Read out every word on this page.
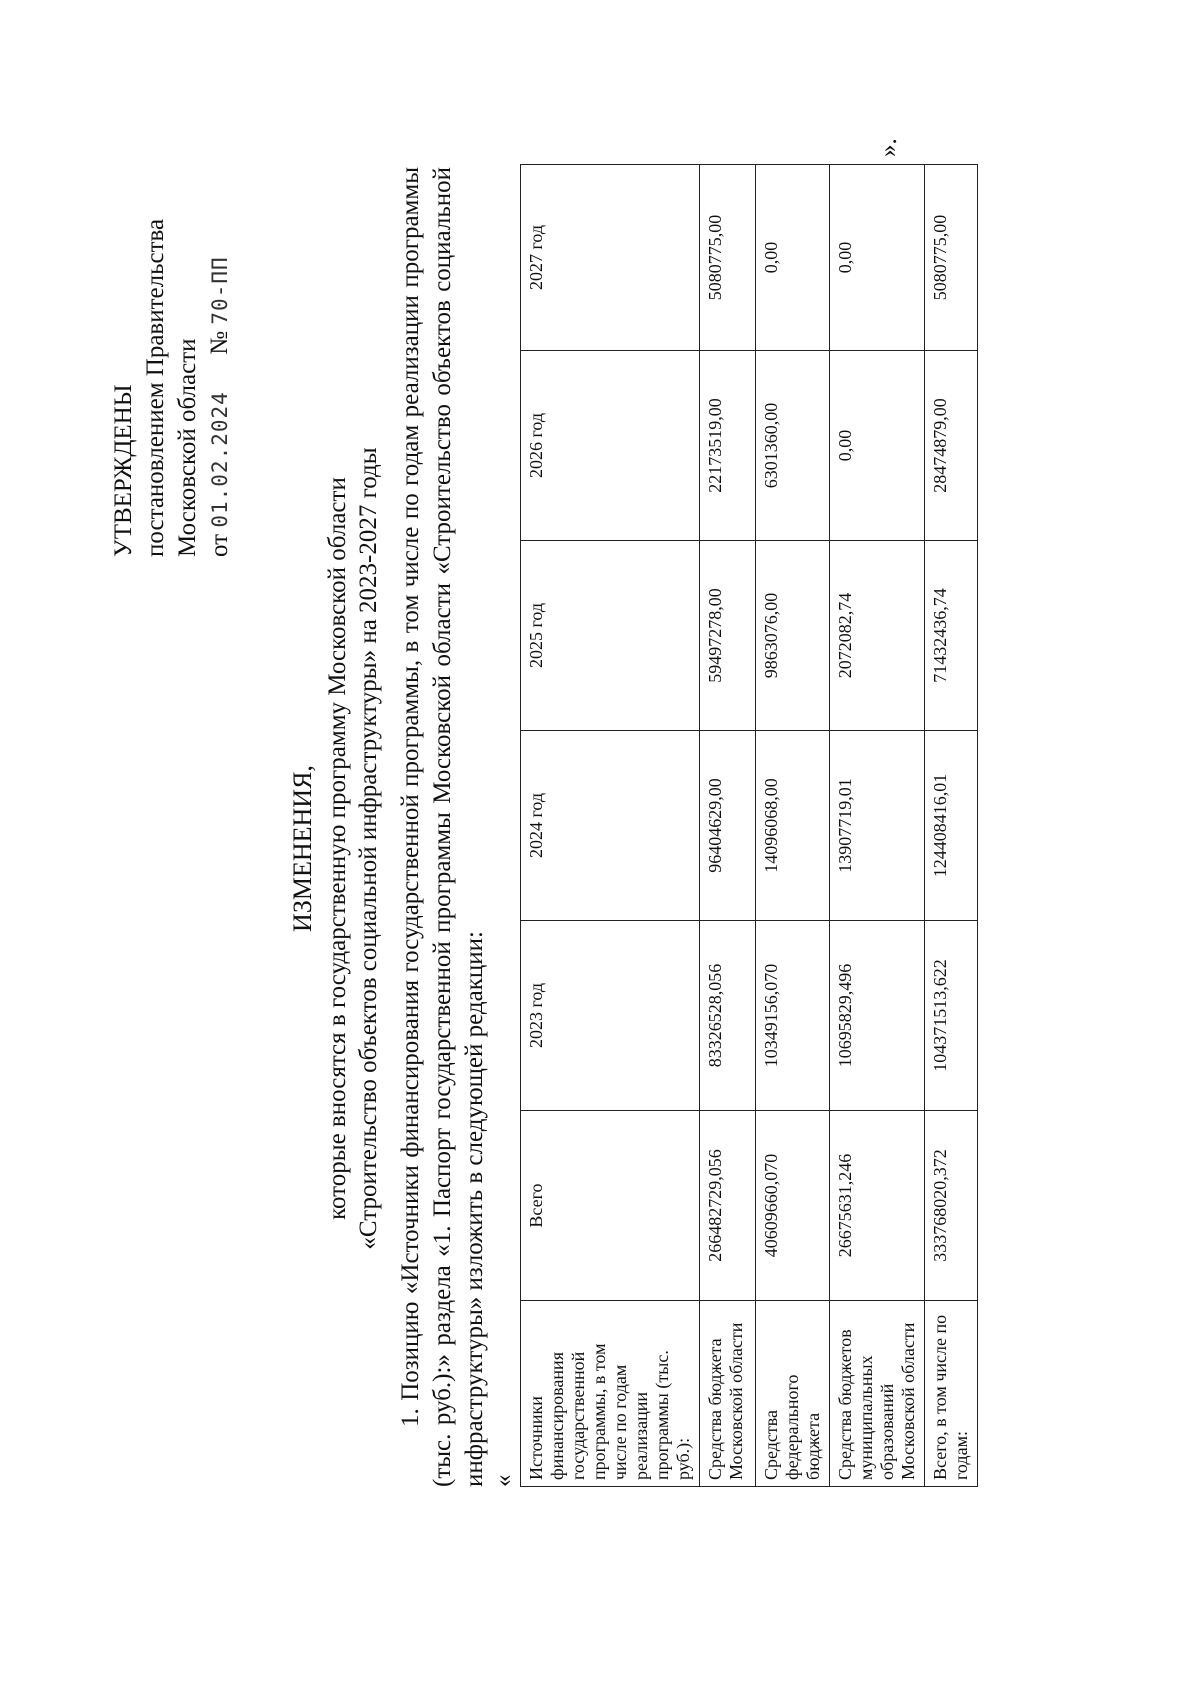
УТВЕРЖДЕНЫ постановлением Правительства Московской области от 01.02.2024  № 70-ПП
ИЗМЕНЕНИЯ, которые вносятся в государственную программу Московской области «Строительство объектов социальной инфраструктуры» на 2023-2027 годы 1. Позицию «Источники финансирования государственной программы, в том числе по годам реализации программы (тыс. руб.):» раздела «1. Паспорт государственной программы Московской области «Строительство объектов социальной инфраструктуры» изложить в следующей редакции: «
Источники финансирования государственной программы, в том числе по годам реализации программы (тыс. руб.):	Всего	2023 год	2024 год	2025 год	2026 год	2027 год
Средства бюджета Московской области	266482729,056	83326528,056	96404629,00	59497278,00	22173519,00	5080775,00
Средства федерального бюджета	40609660,070	10349156,070	14096068,00	9863076,00	6301360,00	0,00
Средства бюджетов муниципальных образований Московской области	26675631,246	10695829,496	13907719,01	2072082,74	0,00	0,00
Всего, в том числе по годам:	333768020,372	104371513,622	124408416,01	71432436,74	28474879,00	5080775,00
».
